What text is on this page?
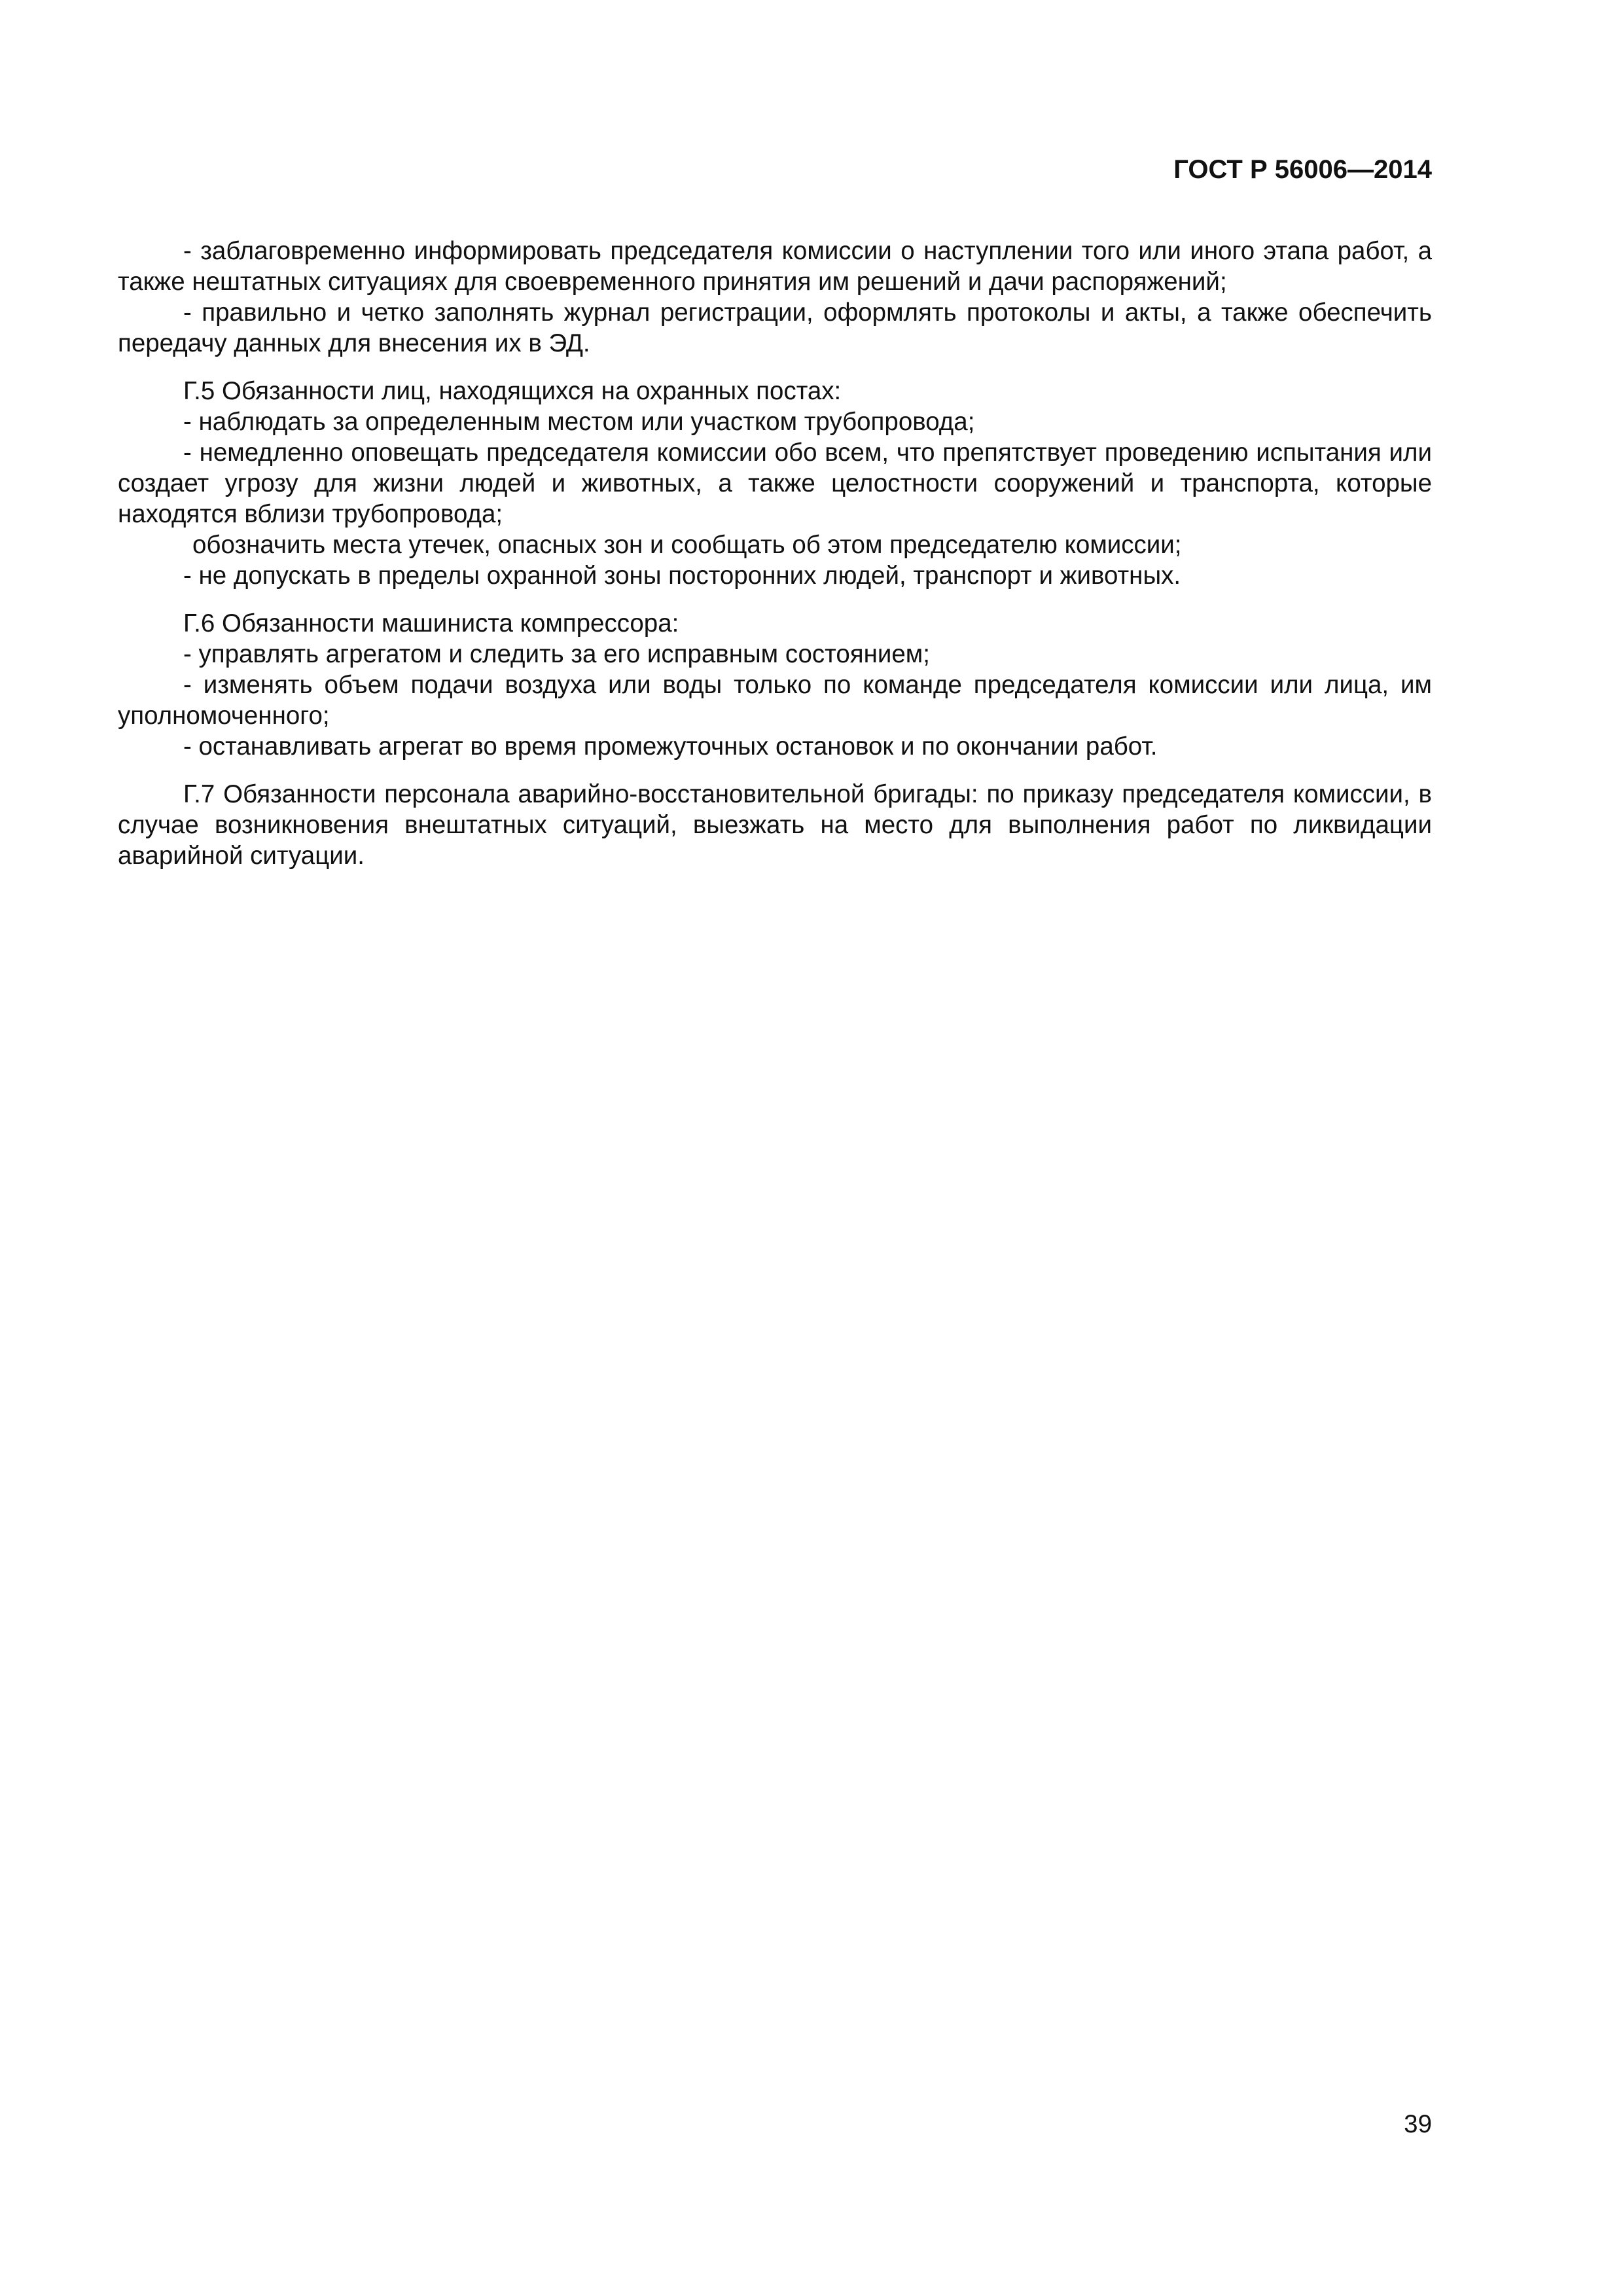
ГОСТ Р 56006—2014

- заблаговременно информировать председателя комиссии о наступлении того или иного этапа работ, а также нештатных ситуациях для своевременного принятия им решений и дачи распоряжений;

- правильно и четко заполнять журнал регистрации, оформлять протоколы и акты, а также обеспечить передачу данных для внесения их в ЭД.

Г.5 Обязанности лиц, находящихся на охранных постах:

- наблюдать за определенным местом или участком трубопровода;

- немедленно оповещать председателя комиссии обо всем, что препятствует проведению испытания или создает угрозу для жизни людей и животных, а также целостности сооружений и транспорта, которые находятся вблизи трубопровода;

обозначить места утечек, опасных зон и сообщать об этом председателю комиссии;

- не допускать в пределы охранной зоны посторонних людей, транспорт и животных.

Г.6 Обязанности машиниста компрессора:

- управлять агрегатом и следить за его исправным состоянием;

- изменять объем подачи воздуха или воды только по команде председателя комиссии или лица, им уполномоченного;

- останавливать агрегат во время промежуточных остановок и по окончании работ.

Г.7 Обязанности персонала аварийно-восстановительной бригады: по приказу председателя комиссии, в случае возникновения внештатных ситуаций, выезжать на место для выполнения работ по ликвидации аварийной ситуации.

39
